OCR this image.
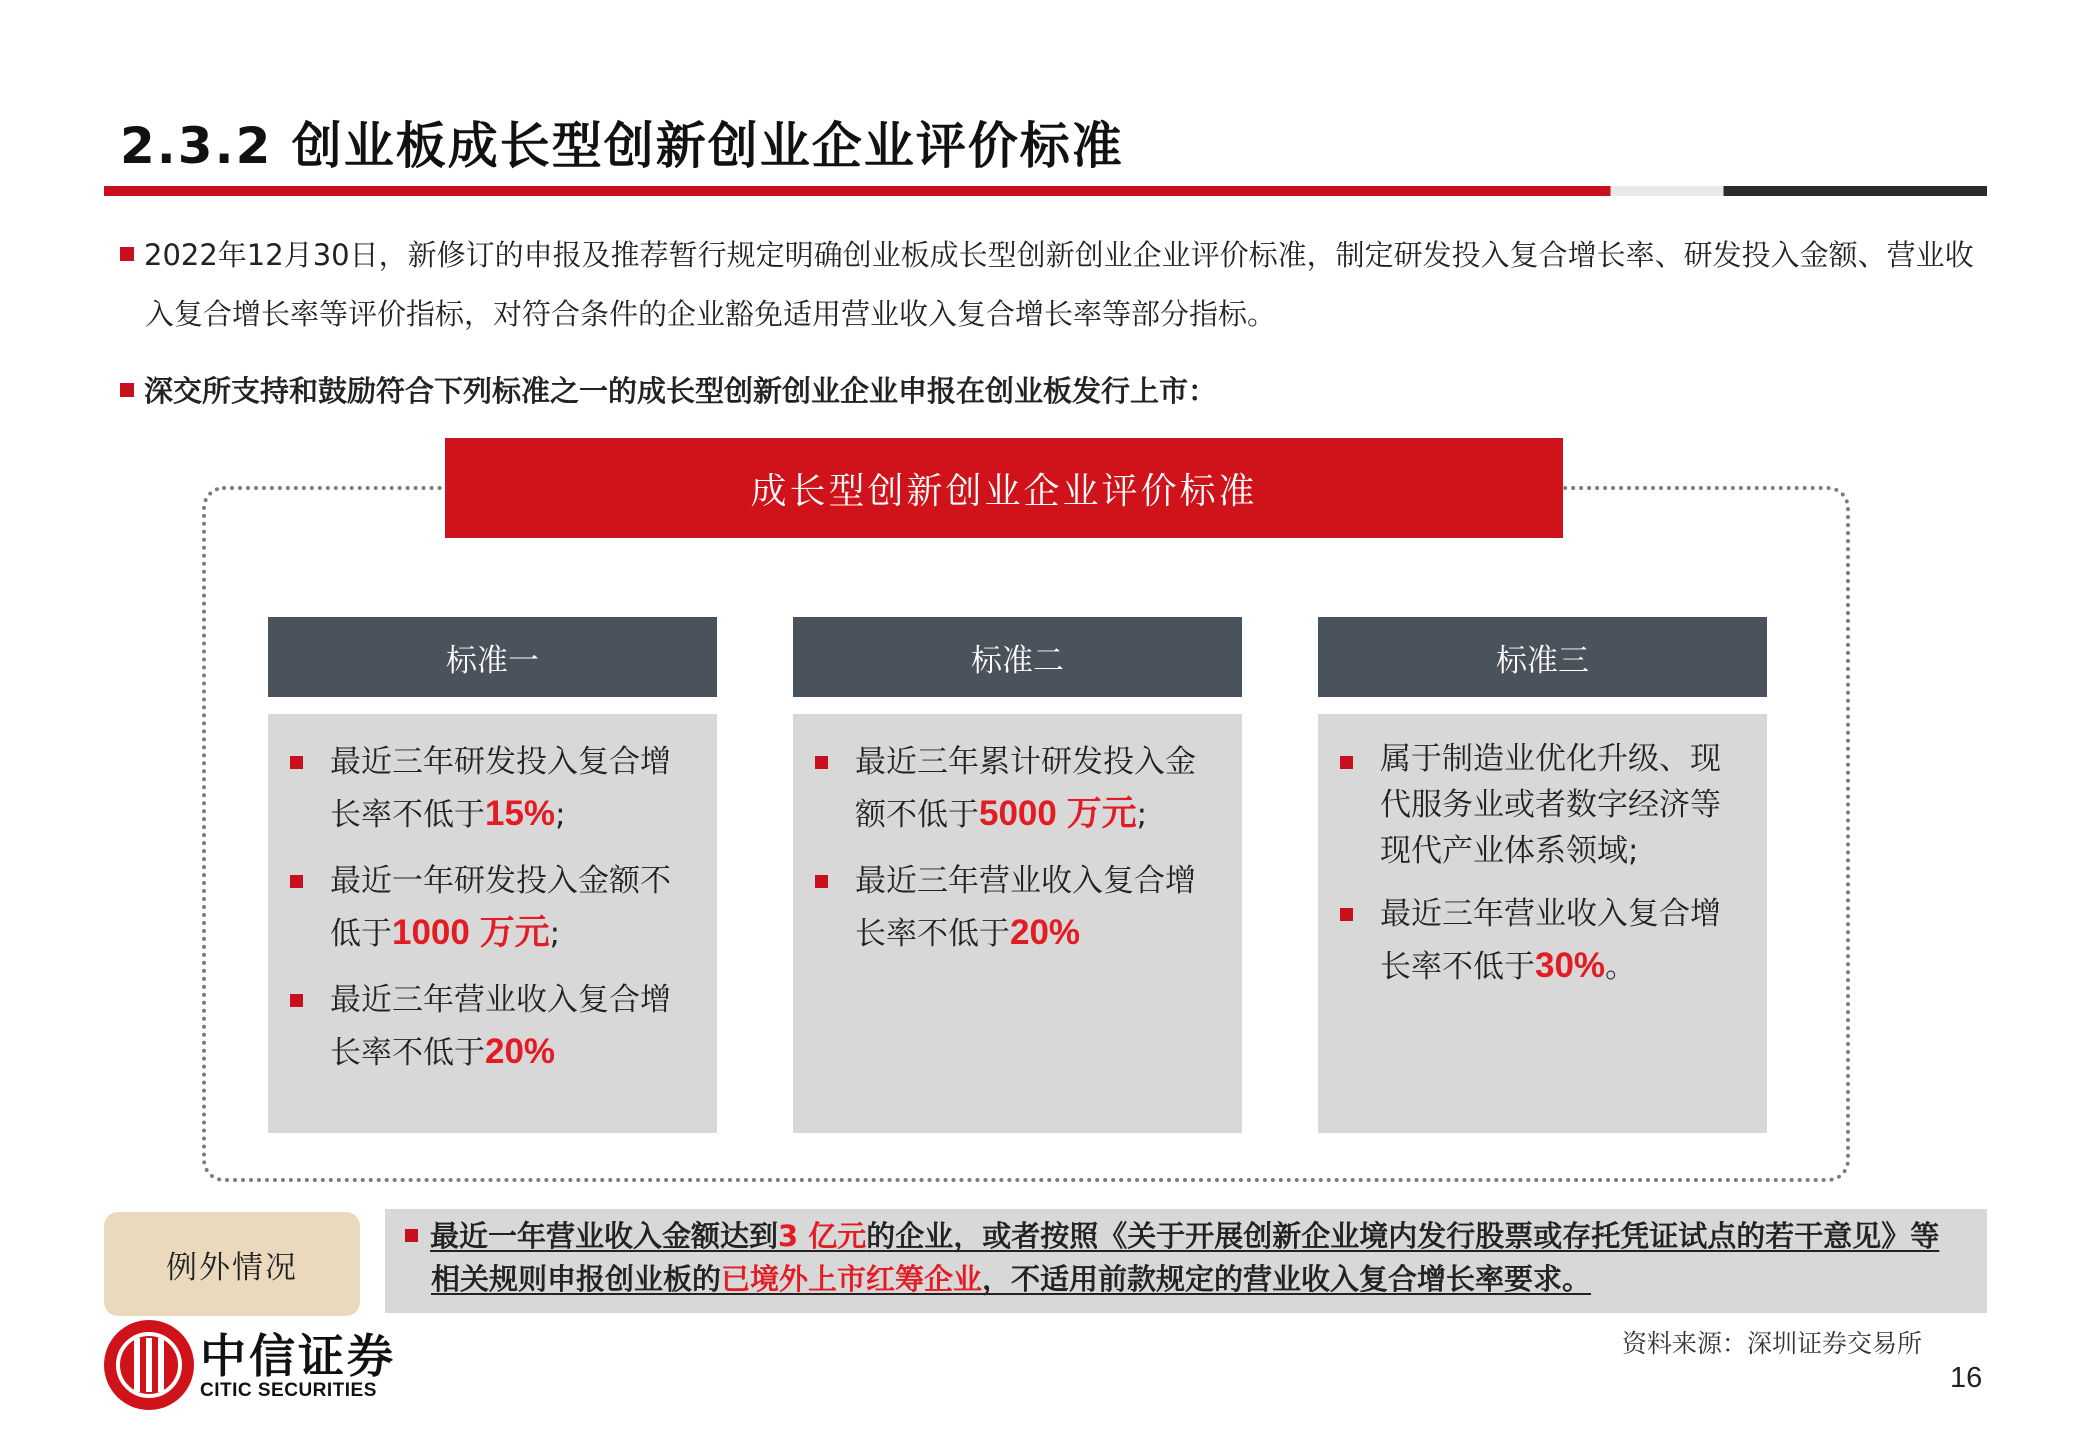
2.3.2 创业板成长型创新创业企业评价标准
2022年12月30日，新修订的申报及推荐暂行规定明确创业板成长型创新创业企业评价标准，制定研发投入复合增长率、研发投入金额、营业收入复合增长率等评价指标，对符合条件的企业豁免适用营业收入复合增长率等部分指标。
深交所支持和鼓励符合下列标准之一的成长型创新创业企业申报在创业板发行上市：
成长型创新创业企业评价标准
标准一
最近三年研发投入复合增长率不低于15%;
最近一年研发投入金额不低于1000 万元;
最近三年营业收入复合增长率不低于20%
标准二
最近三年累计研发投入金额不低于5000 万元;
最近三年营业收入复合增长率不低于20%
标准三
属于制造业优化升级、现代服务业或者数字经济等现代产业体系领域;
最近三年营业收入复合增长率不低于30%。
例外情况
最近一年营业收入金额达到3 亿元的企业，或者按照《关于开展创新企业境内发行股票或存托凭证试点的若干意见》等相关规则申报创业板的已境外上市红筹企业，不适用前款规定的营业收入复合增长率要求。
中信证券
CITIC SECURITIES
资料来源：深圳证券交易所
16
